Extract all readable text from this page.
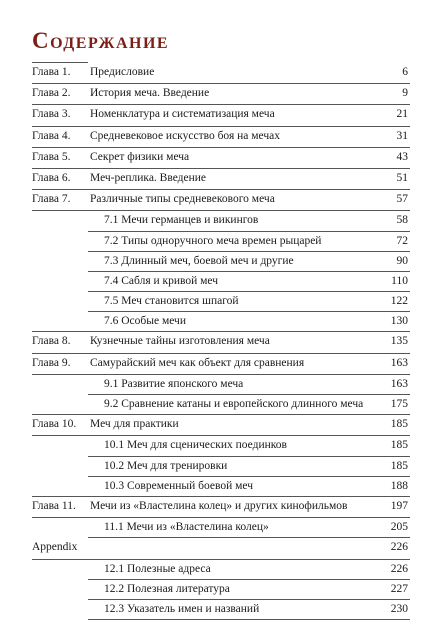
Содержание
Глава 1.	Предисловие	6
Глава 2.	История меча. Введение	9
Глава 3.	Номенклатура и систематизация меча	21
Глава 4.	Средневековое искусство боя на мечах	31
Глава 5.	Секрет физики меча	43
Глава 6.	Меч-реплика. Введение	51
Глава 7.	Различные типы средневекового меча	57
7.1 Мечи германцев и викингов	58
7.2 Типы одноручного меча времен рыцарей	72
7.3 Длинный меч, боевой меч и другие	90
7.4 Сабля и кривой меч	110
7.5 Меч становится шпагой	122
7.6 Особые мечи	130
Глава 8.	Кузнечные тайны изготовления меча	135
Глава 9.	Самурайский меч как объект для сравнения	163
9.1 Развитие японского меча	163
9.2 Сравнение катаны и европейского длинного меча	175
Глава 10.	Меч для практики	185
10.1 Меч для сценических поединков	185
10.2 Меч для тренировки	185
10.3 Современный боевой меч	188
Глава 11.	Мечи из «Властелина колец» и других кинофильмов	197
11.1 Мечи из «Властелина колец»	205
Appendix	226
12.1 Полезные адреса	226
12.2 Полезная литература	227
12.3 Указатель имен и названий	230
